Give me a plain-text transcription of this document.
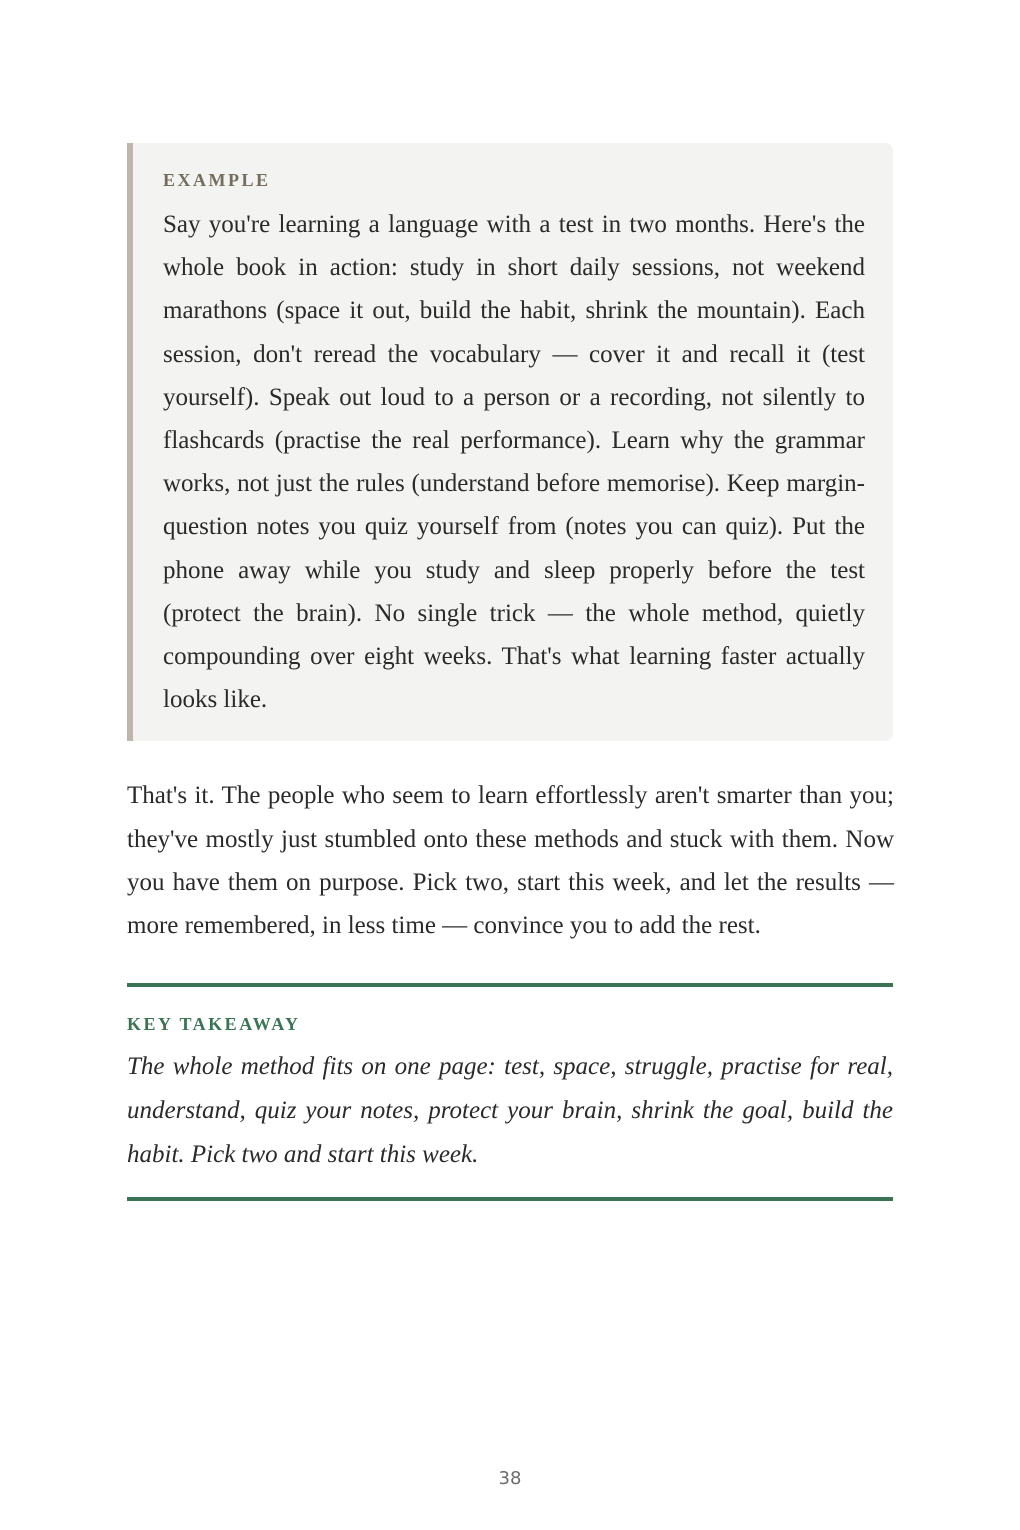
EXAMPLE

Say you're learning a language with a test in two months. Here's the whole book in action: study in short daily sessions, not weekend marathons (space it out, build the habit, shrink the mountain). Each session, don't reread the vocabulary — cover it and recall it (test yourself). Speak out loud to a person or a recording, not silently to flashcards (practise the real performance). Learn why the grammar works, not just the rules (understand before memorise). Keep margin-question notes you quiz yourself from (notes you can quiz). Put the phone away while you study and sleep properly before the test (protect the brain). No single trick — the whole method, quietly compounding over eight weeks. That's what learning faster actually looks like.

That's it. The people who seem to learn effortlessly aren't smarter than you; they've mostly just stumbled onto these methods and stuck with them. Now you have them on purpose. Pick two, start this week, and let the results — more remembered, in less time — convince you to add the rest.

KEY TAKEAWAY

The whole method fits on one page: test, space, struggle, practise for real, understand, quiz your notes, protect your brain, shrink the goal, build the habit. Pick two and start this week.

38
